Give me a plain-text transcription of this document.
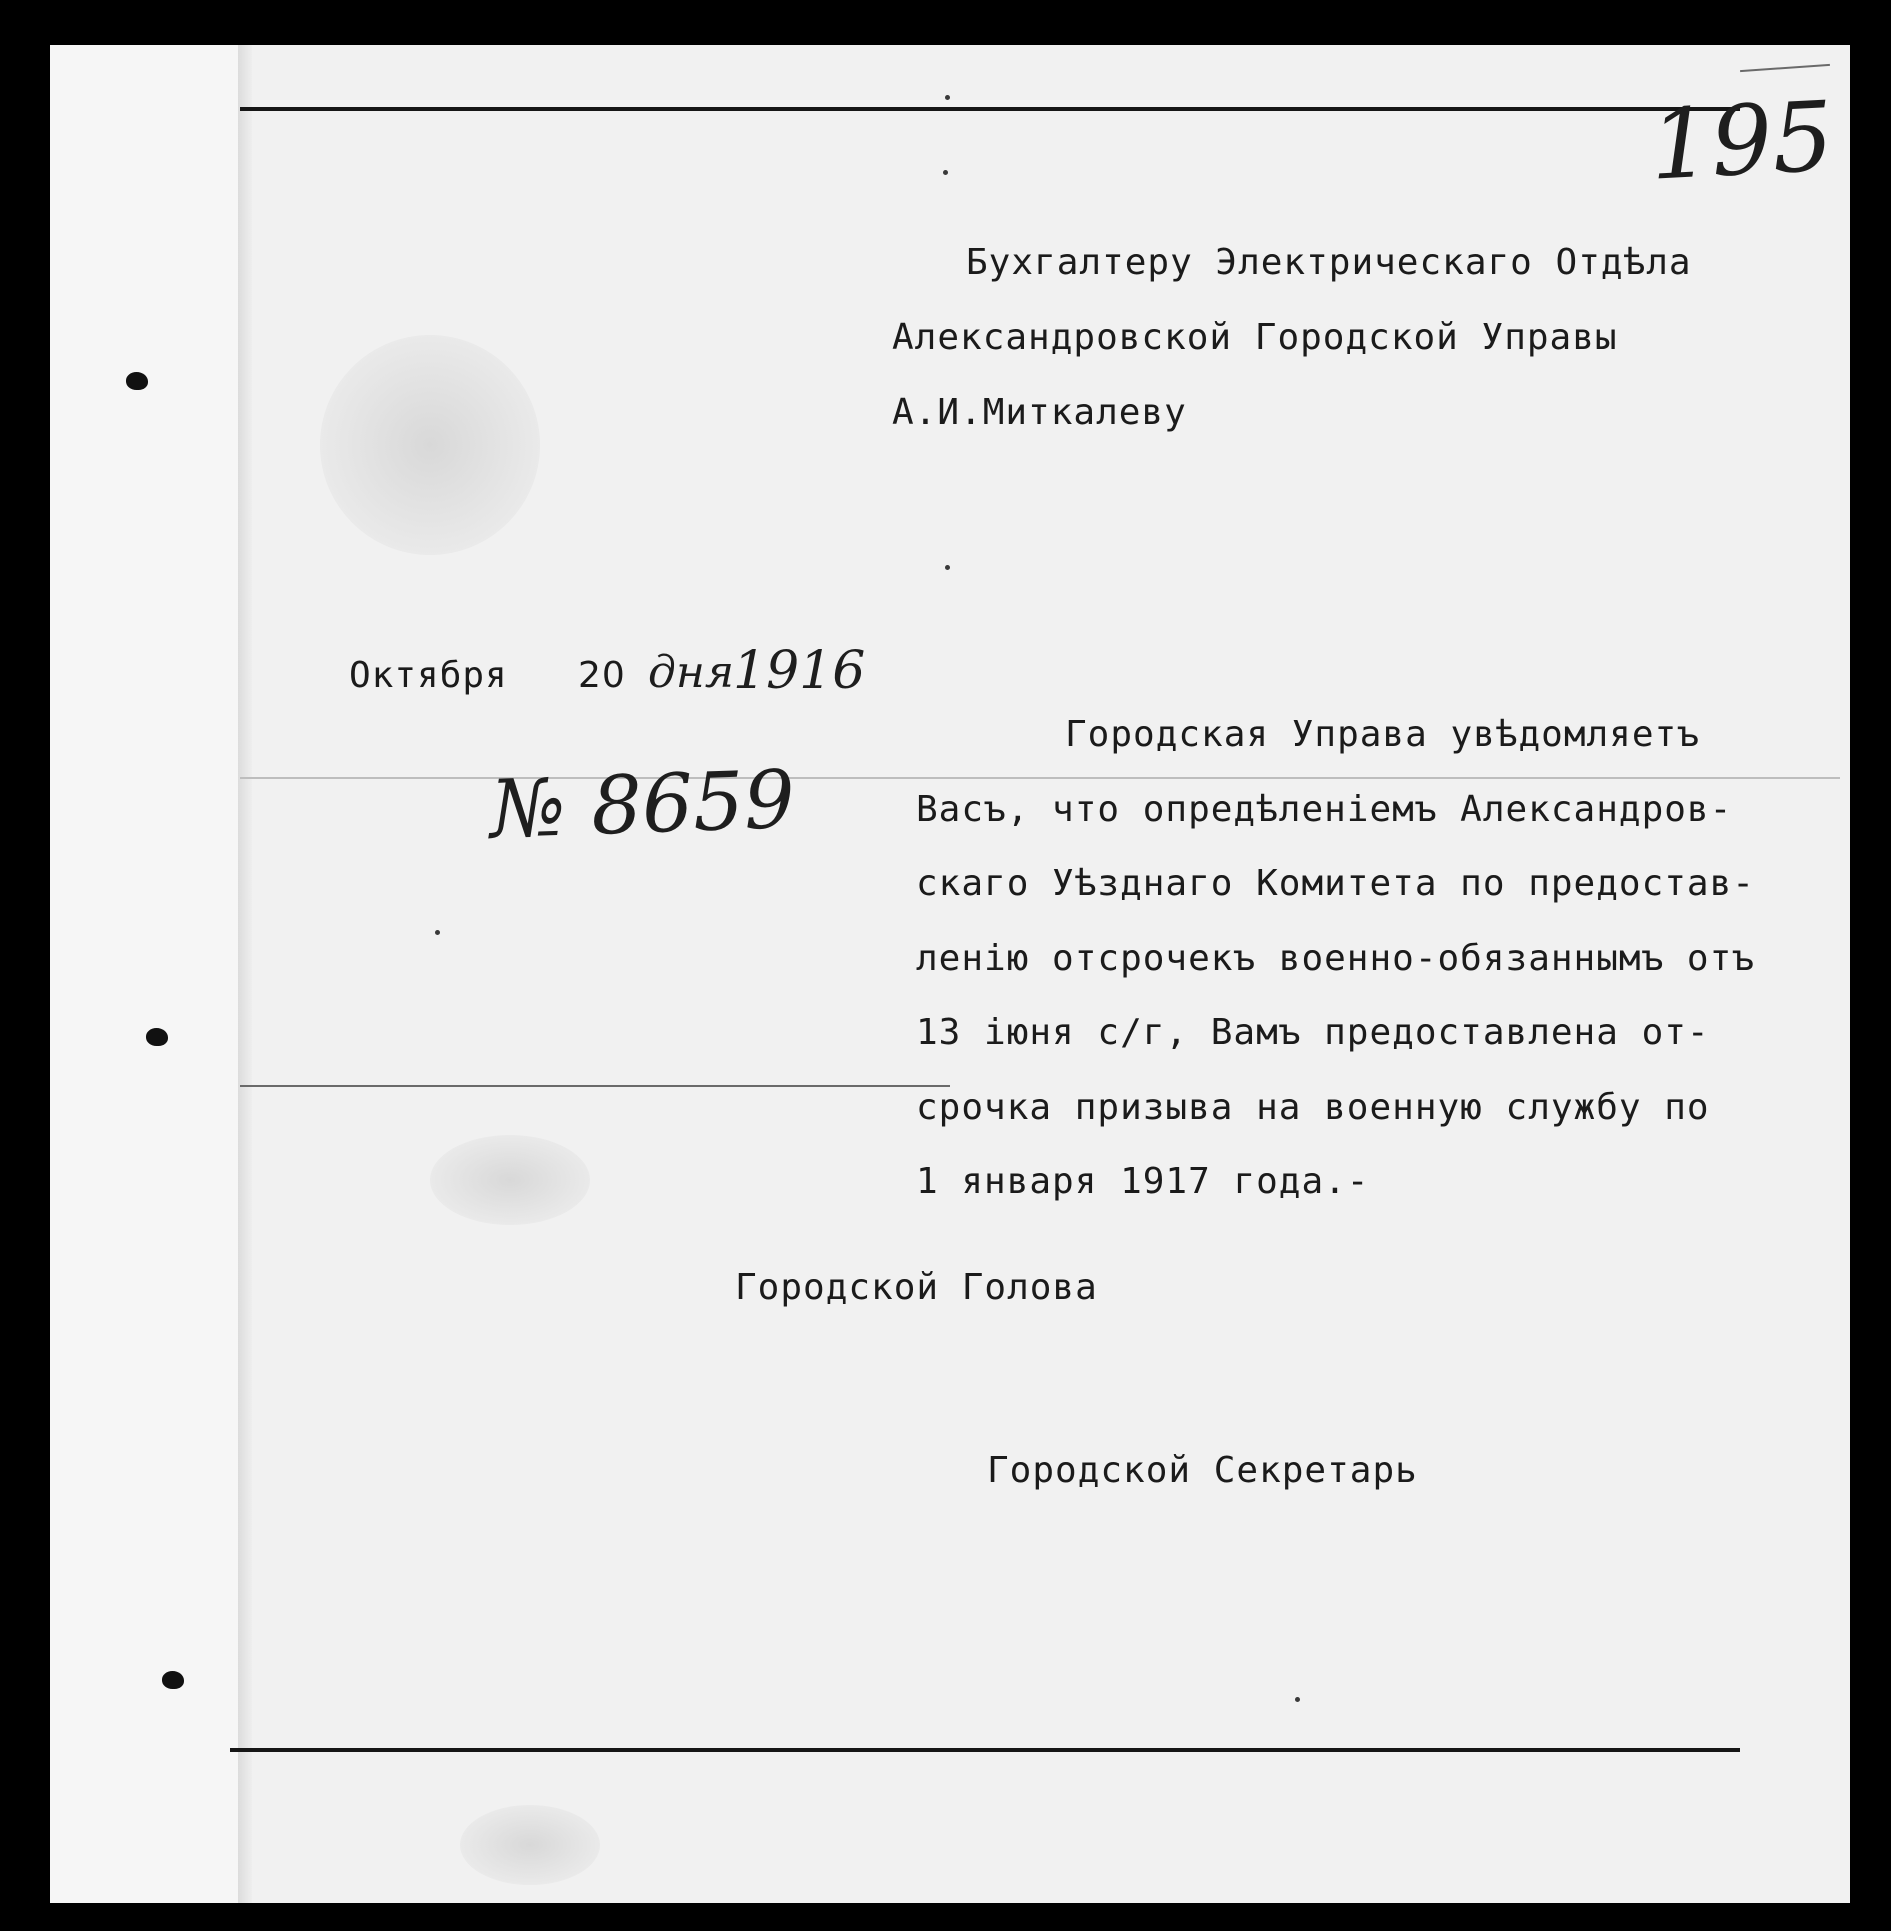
195
Бухгалтеру Электрическаго Отдѣла
Александровской Городской Управы
А.И.Миткалеву
Октября 20 дня
1916
№ 8659
Городская Управа увѣдомляетъ
Васъ, что опредѣленіемъ Александров-
скаго Уѣзднаго Комитета по предостав-
ленію отсрочекъ военно-обязаннымъ отъ
13 іюня с/г, Вамъ предоставлена от-
срочка призыва на военную службу по
1 января 1917 года.-
Городской Голова
Городской Секретарь
